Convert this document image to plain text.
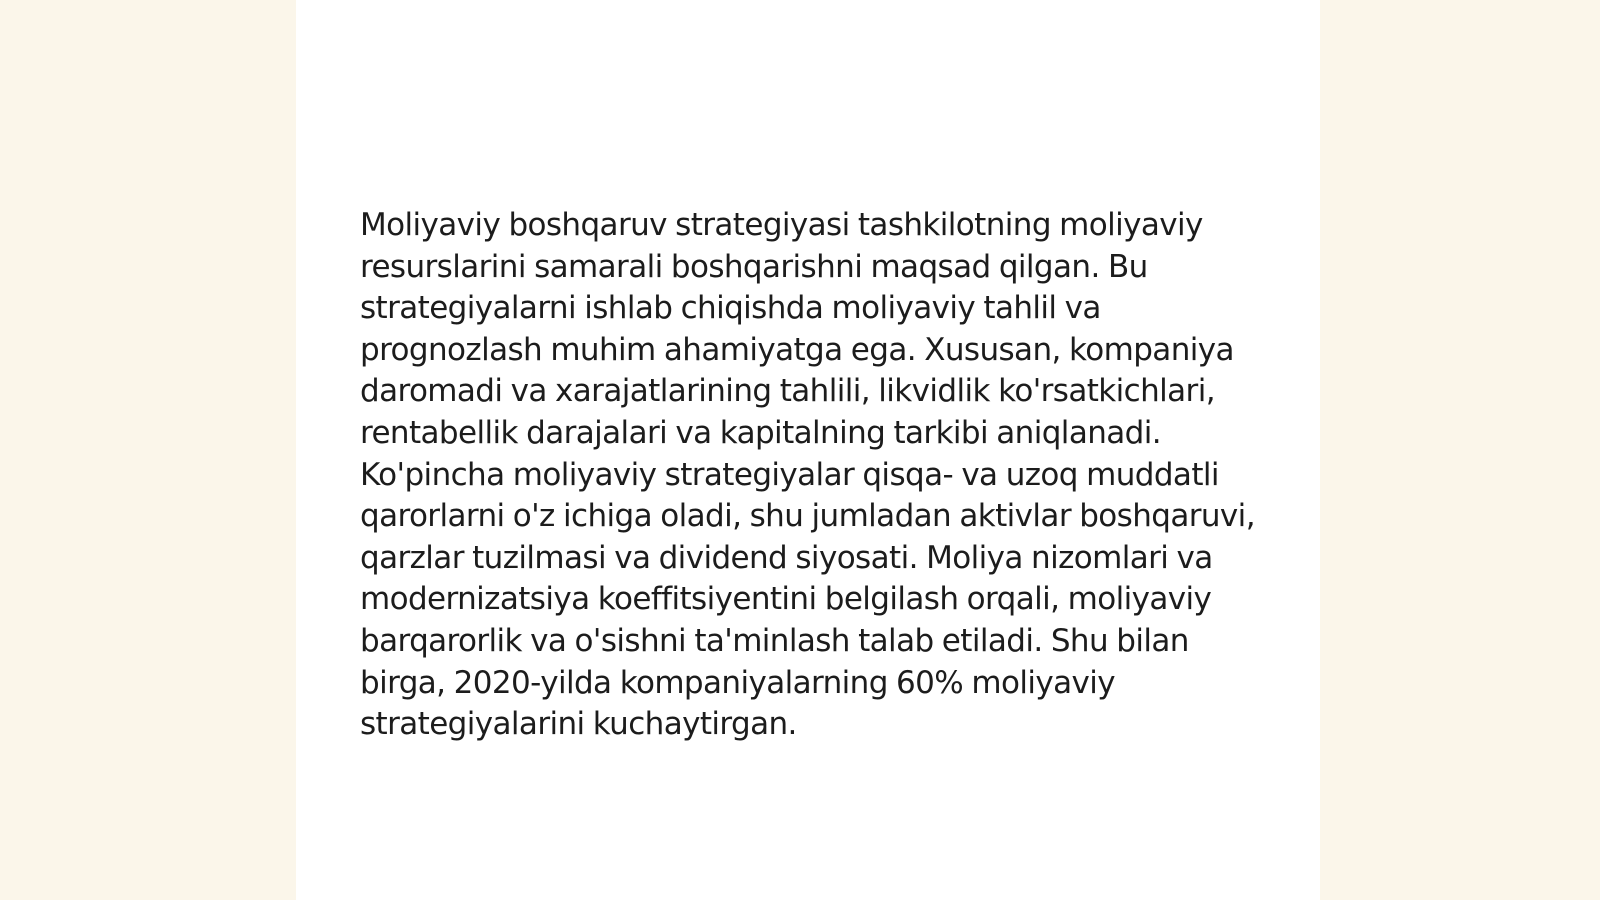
Moliyaviy boshqaruv strategiyasi tashkilotning moliyaviy resurslarini samarali boshqarishni maqsad qilgan. Bu strategiyalarni ishlab chiqishda moliyaviy tahlil va prognozlash muhim ahamiyatga ega. Xususan, kompaniya daromadi va xarajatlarining tahlili, likvidlik ko'rsatkichlari, rentabellik darajalari va kapitalning tarkibi aniqlanadi. Ko'pincha moliyaviy strategiyalar qisqa- va uzoq muddatli qarorlarni o'z ichiga oladi, shu jumladan aktivlar boshqaruvi, qarzlar tuzilmasi va dividend siyosati. Moliya nizomlari va modernizatsiya koeffitsiyentini belgilash orqali, moliyaviy barqarorlik va o'sishni ta'minlash talab etiladi. Shu bilan birga, 2020-yilda kompaniyalarning 60% moliyaviy strategiyalarini kuchaytirgan.
